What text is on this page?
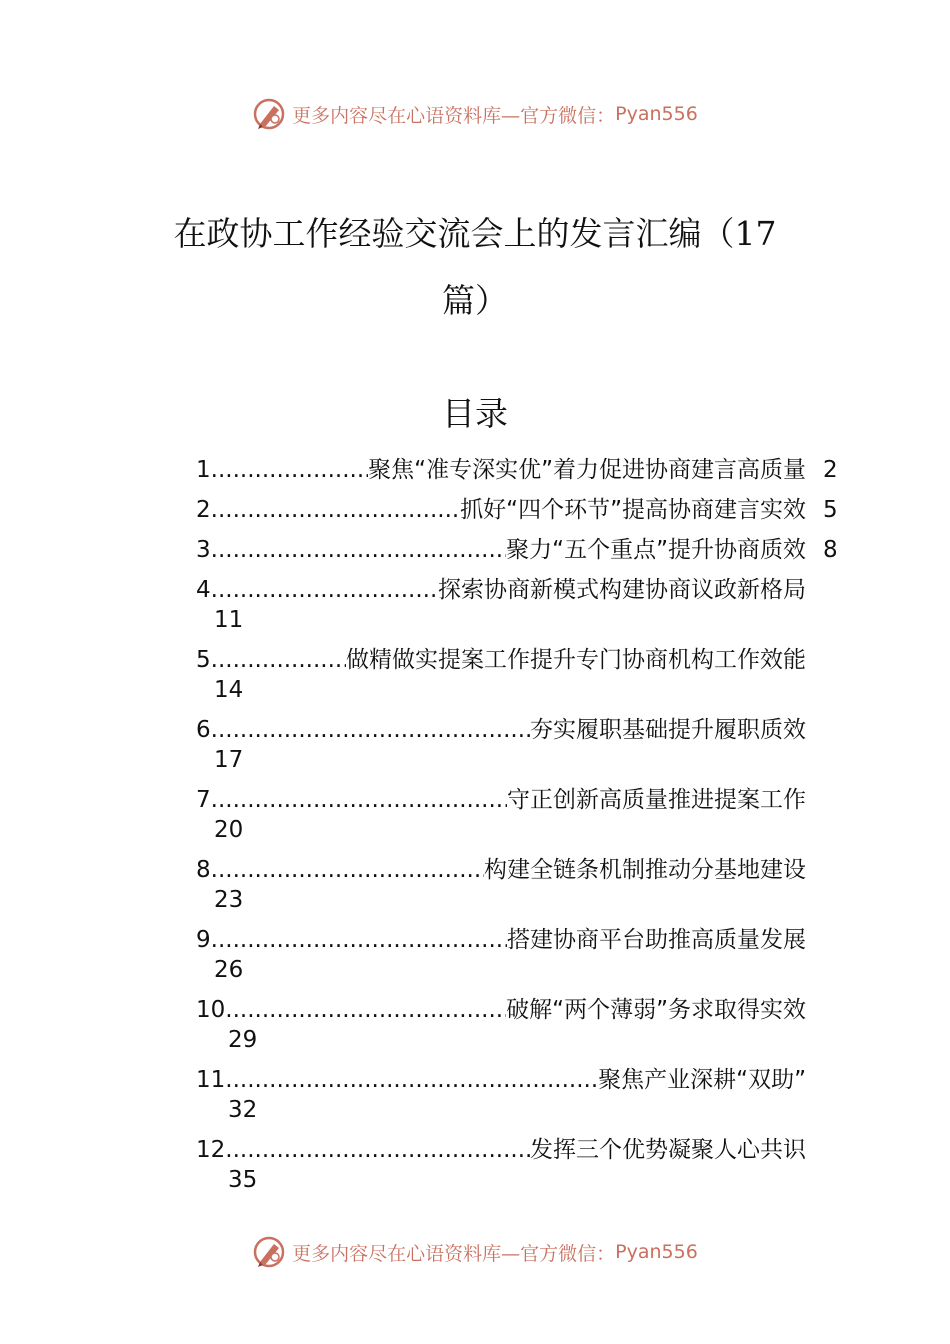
更多内容尽在心语资料库—官方微信： Pyan556
在政协工作经验交流会上的发言汇编（17
篇）
目录
1 .....	聚焦“准专深实优”着力促进协商建言高质量 2
2 .....	抓好“四个环节”提高协商建言实效 5
3 .....	聚力“五个重点”提升协商质效 8
4 .....	探索协商新模式构建协商议政新格局
11
5 .....	做精做实提案工作提升专门协商机构工作效能
14
6 .....	夯实履职基础提升履职质效
17
7 .....	守正创新高质量推进提案工作
20
8 .....	构建全链条机制推动分基地建设
23
9 .....	搭建协商平台助推高质量发展
26
10 .....	破解“两个薄弱”务求取得实效
29
11 .....	聚焦产业深耕“双助”
32
12 .....	发挥三个优势凝聚人心共识
35
更多内容尽在心语资料库—官方微信： Pyan556
